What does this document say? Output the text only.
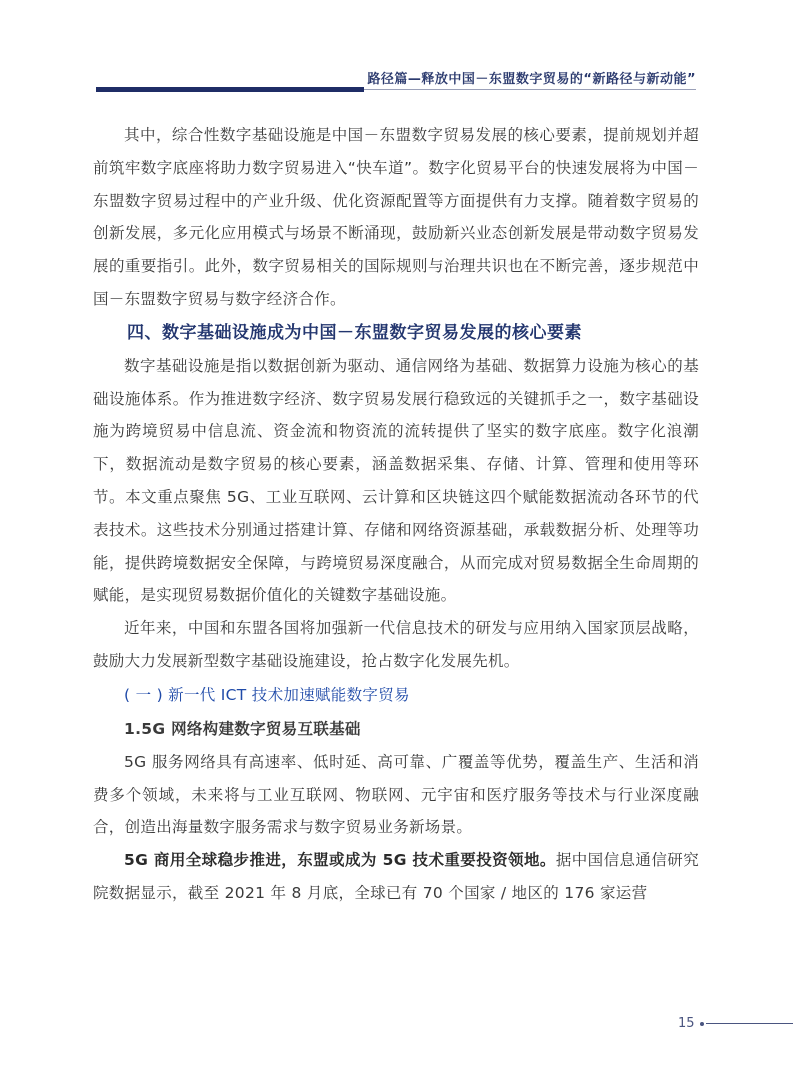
路径篇—释放中国－东盟数字贸易的“新路径与新动能”

其中，综合性数字基础设施是中国－东盟数字贸易发展的核心要素，提前规划并超前筑牢数字底座将助力数字贸易进入“快车道”。数字化贸易平台的快速发展将为中国－东盟数字贸易过程中的产业升级、优化资源配置等方面提供有力支撑。随着数字贸易的创新发展，多元化应用模式与场景不断涌现，鼓励新兴业态创新发展是带动数字贸易发展的重要指引。此外，数字贸易相关的国际规则与治理共识也在不断完善，逐步规范中国－东盟数字贸易与数字经济合作。

四、数字基础设施成为中国－东盟数字贸易发展的核心要素

数字基础设施是指以数据创新为驱动、通信网络为基础、数据算力设施为核心的基础设施体系。作为推进数字经济、数字贸易发展行稳致远的关键抓手之一，数字基础设施为跨境贸易中信息流、资金流和物资流的流转提供了坚实的数字底座。数字化浪潮下，数据流动是数字贸易的核心要素，涵盖数据采集、存储、计算、管理和使用等环节。本文重点聚焦 5G、工业互联网、云计算和区块链这四个赋能数据流动各环节的代表技术。这些技术分别通过搭建计算、存储和网络资源基础，承载数据分析、处理等功能，提供跨境数据安全保障，与跨境贸易深度融合，从而完成对贸易数据全生命周期的赋能，是实现贸易数据价值化的关键数字基础设施。

近年来，中国和东盟各国将加强新一代信息技术的研发与应用纳入国家顶层战略，鼓励大力发展新型数字基础设施建设，抢占数字化发展先机。

( 一 ) 新一代 ICT 技术加速赋能数字贸易

1.5G 网络构建数字贸易互联基础

5G 服务网络具有高速率、低时延、高可靠、广覆盖等优势，覆盖生产、生活和消费多个领域，未来将与工业互联网、物联网、元宇宙和医疗服务等技术与行业深度融合，创造出海量数字服务需求与数字贸易业务新场景。

5G 商用全球稳步推进，东盟或成为 5G 技术重要投资领地。据中国信息通信研究院数据显示，截至 2021 年 8 月底，全球已有 70 个国家 / 地区的 176 家运营

15
